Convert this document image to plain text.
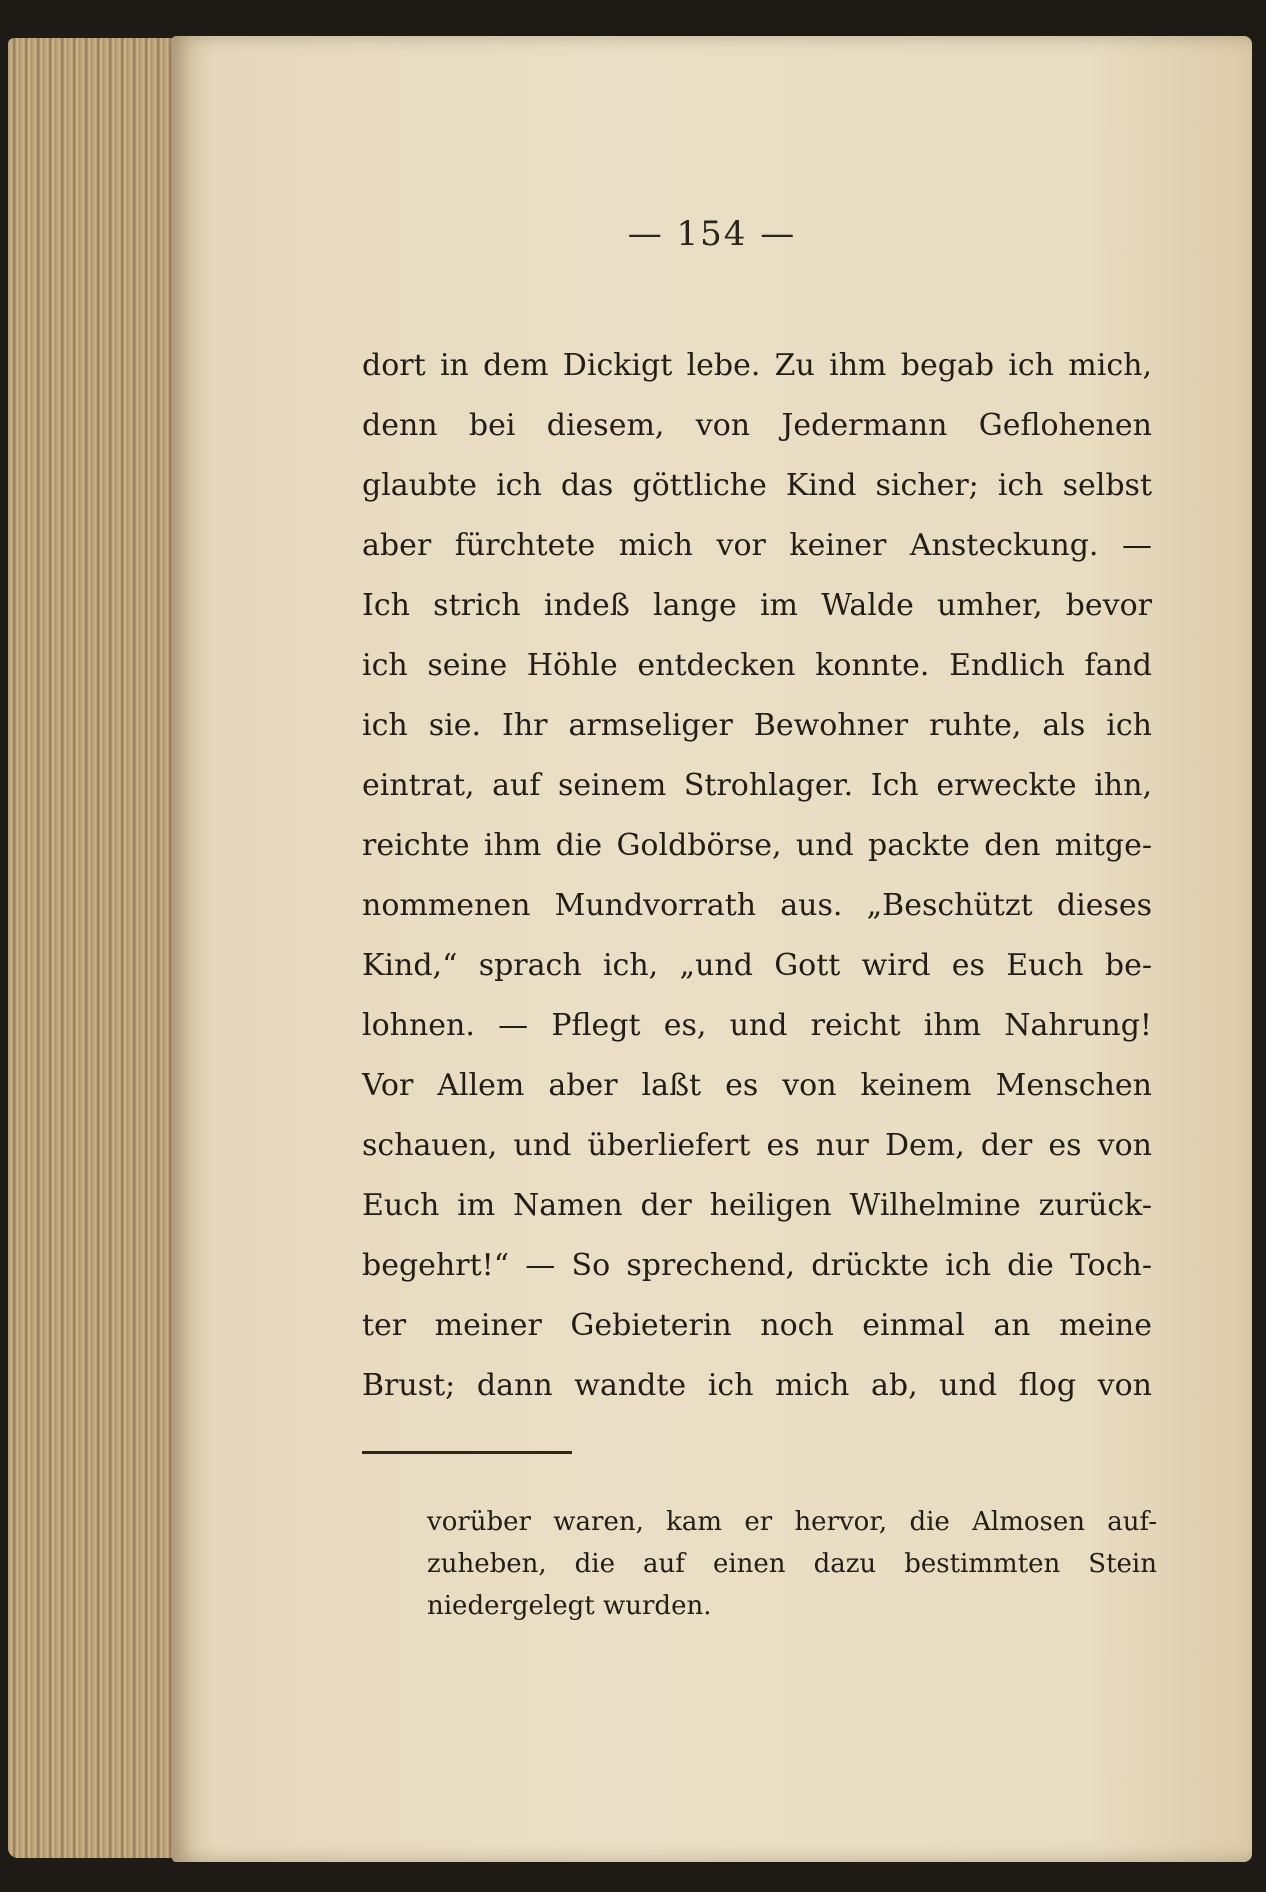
— 154 —
dort in dem Dickigt lebe. Zu ihm begab ich mich,
denn bei diesem, von Jedermann Geflohenen
glaubte ich das göttliche Kind sicher; ich selbst
aber fürchtete mich vor keiner Ansteckung. —
Ich strich indeß lange im Walde umher, bevor
ich seine Höhle entdecken konnte. Endlich fand
ich sie. Ihr armseliger Bewohner ruhte, als ich
eintrat, auf seinem Strohlager. Ich erweckte ihn,
reichte ihm die Goldbörse, und packte den mitge-
nommenen Mundvorrath aus. „Beschützt dieses
Kind,“ sprach ich, „und Gott wird es Euch be-
lohnen. — Pflegt es, und reicht ihm Nahrung!
Vor Allem aber laßt es von keinem Menschen
schauen, und überliefert es nur Dem, der es von
Euch im Namen der heiligen Wilhelmine zurück-
begehrt!“ — So sprechend, drückte ich die Toch-
ter meiner Gebieterin noch einmal an meine
Brust; dann wandte ich mich ab, und flog von
vorüber waren, kam er hervor, die Almosen auf-
zuheben, die auf einen dazu bestimmten Stein
niedergelegt wurden.
